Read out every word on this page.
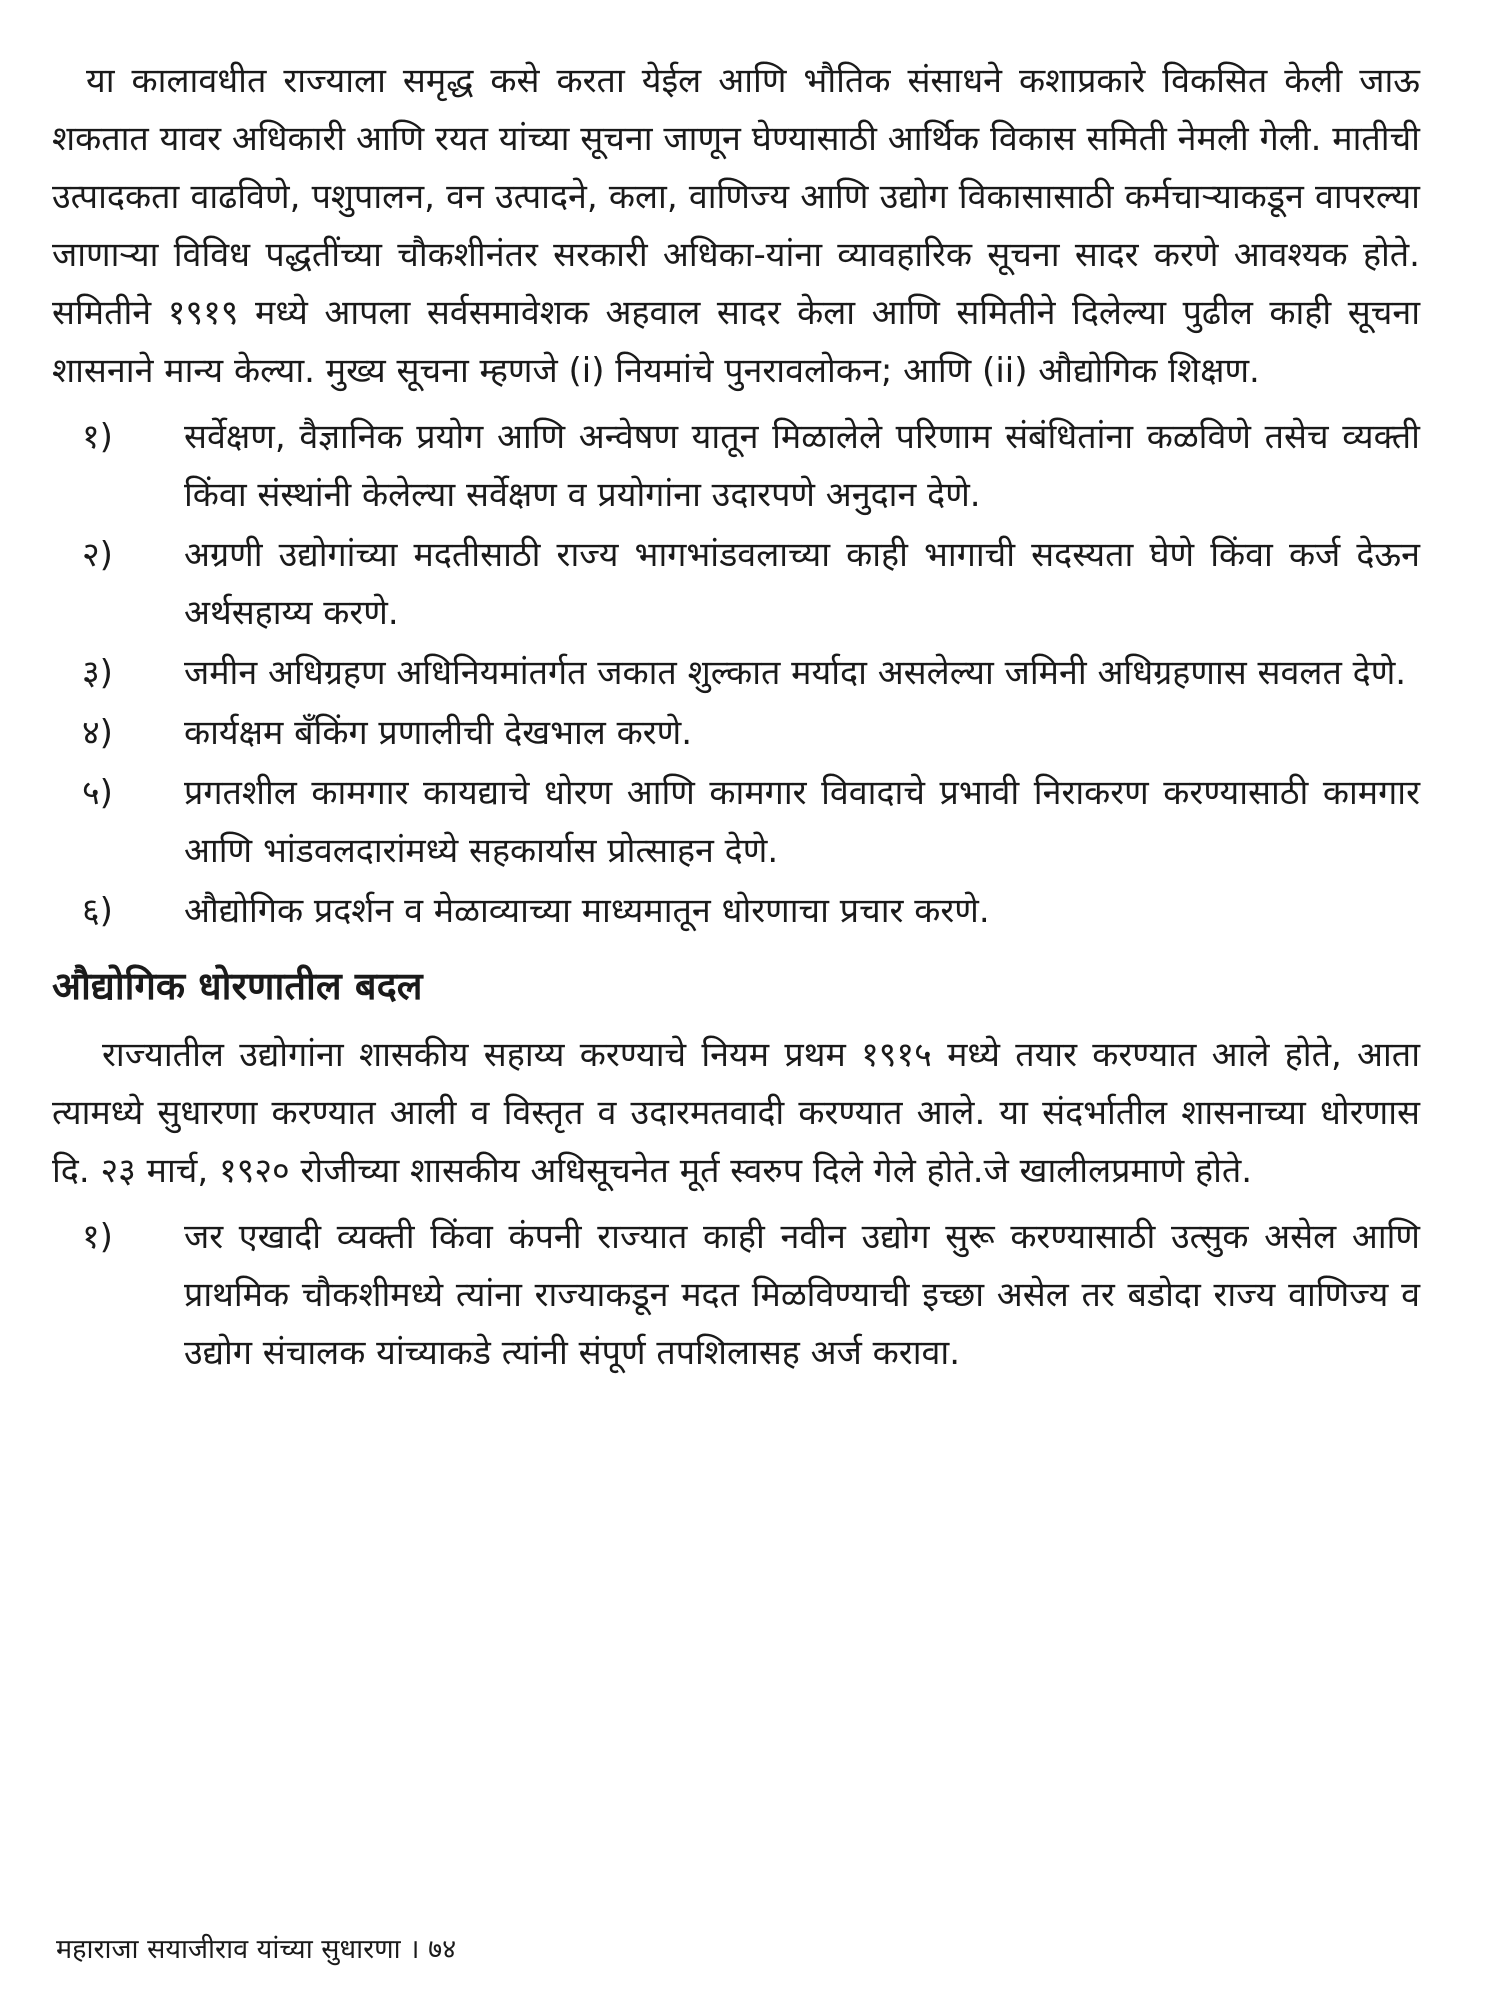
या कालावधीत राज्याला समृद्ध कसे करता येईल आणि भौतिक संसाधने कशाप्रकारे विकसित केली जाऊ शकतात यावर अधिकारी आणि रयत यांच्या सूचना जाणून घेण्यासाठी आर्थिक विकास समिती नेमली गेली. मातीची उत्पादकता वाढविणे, पशुपालन, वन उत्पादने, कला, वाणिज्य आणि उद्योग विकासासाठी कर्मचाऱ्याकडून वापरल्या जाणाऱ्या विविध पद्धतींच्या चौकशीनंतर सरकारी अधिका-यांना व्यावहारिक सूचना सादर करणे आवश्यक होते. समितीने १९१९ मध्ये आपला सर्वसमावेशक अहवाल सादर केला आणि समितीने दिलेल्या पुढील काही सूचना शासनाने मान्य केल्या. मुख्य सूचना म्हणजे (i) नियमांचे पुनरावलोकन; आणि (ii) औद्योगिक शिक्षण.

१)	सर्वेक्षण, वैज्ञानिक प्रयोग आणि अन्वेषण यातून मिळालेले परिणाम संबंधितांना कळविणे तसेच व्यक्ती किंवा संस्थांनी केलेल्या सर्वेक्षण व प्रयोगांना उदारपणे अनुदान देणे.
२)	अग्रणी उद्योगांच्या मदतीसाठी राज्य भागभांडवलाच्या काही भागाची सदस्यता घेणे किंवा कर्ज देऊन अर्थसहाय्य करणे.
३)	जमीन अधिग्रहण अधिनियमांतर्गत जकात शुल्कात मर्यादा असलेल्या जमिनी अधिग्रहणास सवलत देणे.
४)	कार्यक्षम बँकिंग प्रणालीची देखभाल करणे.
५)	प्रगतशील कामगार कायद्याचे धोरण आणि कामगार विवादाचे प्रभावी निराकरण करण्यासाठी कामगार आणि भांडवलदारांमध्ये सहकार्यास प्रोत्साहन देणे.
६)	औद्योगिक प्रदर्शन व मेळाव्याच्या माध्यमातून धोरणाचा प्रचार करणे.
औद्योगिक धोरणातील बदल

राज्यातील उद्योगांना शासकीय सहाय्य करण्याचे नियम प्रथम १९१५ मध्ये तयार करण्यात आले होते, आता त्यामध्ये सुधारणा करण्यात आली व विस्तृत व उदारमतवादी करण्यात आले. या संदर्भातील शासनाच्या धोरणास दि. २३ मार्च, १९२० रोजीच्या शासकीय अधिसूचनेत मूर्त स्वरुप दिले गेले होते.जे खालीलप्रमाणे होते.

१)	जर एखादी व्यक्ती किंवा कंपनी राज्यात काही नवीन उद्योग सुरू करण्यासाठी उत्सुक असेल आणि प्राथमिक चौकशीमध्ये त्यांना राज्याकडून मदत मिळविण्याची इच्छा असेल तर बडोदा राज्य वाणिज्य व उद्योग संचालक यांच्याकडे त्यांनी संपूर्ण तपशिलासह अर्ज करावा.
महाराजा सयाजीराव यांच्या सुधारणा । ७४
